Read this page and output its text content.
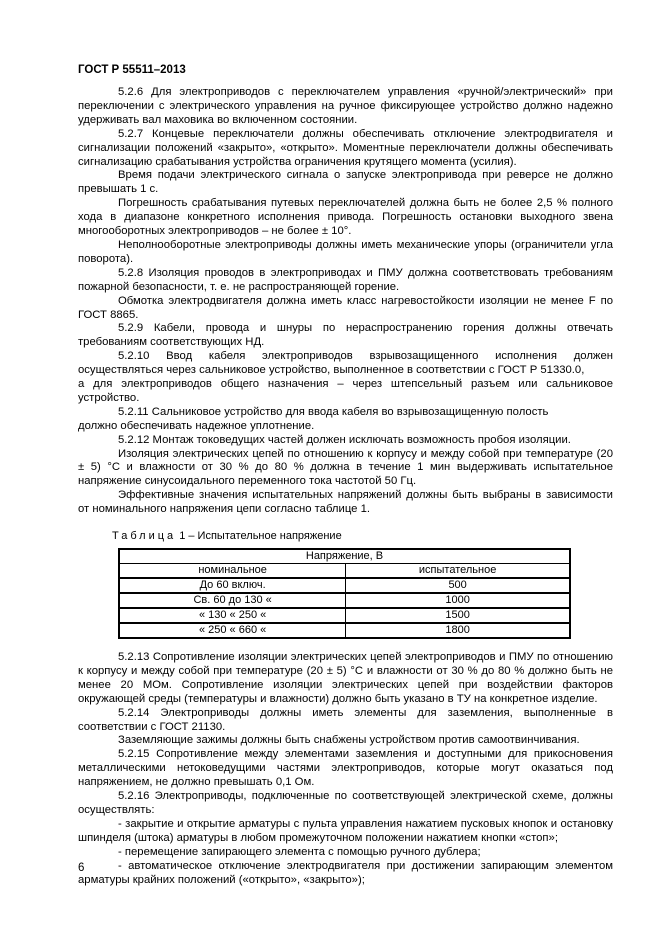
ГОСТ Р 55511–2013

5.2.6 Для электроприводов с переключателем управления «ручной/электрический» при переключении с электрического управления на ручное фиксирующее устройство должно надежно удерживать вал маховика во включенном состоянии.

5.2.7 Концевые переключатели должны обеспечивать отключение электродвигателя и сигнализации положений «закрыто», «открыто». Моментные переключатели должны обеспечивать сигнализацию срабатывания устройства ограничения крутящего момента (усилия).

Время подачи электрического сигнала о запуске электропривода при реверсе не должно превышать 1 с.

Погрешность срабатывания путевых переключателей должна быть не более 2,5 % полного хода в диапазоне конкретного исполнения привода. Погрешность остановки выходного звена многооборотных электроприводов – не более ± 10°.

Неполнооборотные электроприводы должны иметь механические упоры (ограничители угла поворота).

5.2.8 Изоляция проводов в электроприводах и ПМУ должна соответствовать требованиям пожарной безопасности, т. е. не распространяющей горение.

Обмотка электродвигателя должна иметь класс нагревостойкости изоляции не менее F по ГОСТ 8865.

5.2.9 Кабели, провода и шнуры по нераспространению горения должны отвечать требованиям соответствующих НД.

5.2.10 Ввод кабеля электроприводов взрывозащищенного исполнения должен осуществляться через сальниковое устройство, выполненное в соответствии с ГОСТ Р 51330.0,

а для электроприводов общего назначения – через штепсельный разъем или сальниковое устройство.

5.2.11 Сальниковое устройство для ввода кабеля во взрывозащищенную полость

должно обеспечивать надежное уплотнение.

5.2.12 Монтаж токоведущих частей должен исключать возможность пробоя изоляции.

Изоляция электрических цепей по отношению к корпусу и между собой при температуре (20 ± 5) °С и влажности от 30 % до 80 % должна в течение 1 мин выдерживать испытательное напряжение синусоидального переменного тока частотой 50 Гц.

Эффективные значения испытательных напряжений должны быть выбраны в зависимости от номинального напряжения цепи согласно таблице 1.

Таблица 1 – Испытательное напряжение
Напряжение, В	
номинальное	испытательное
До 60 включ.	500
Св. 60 до 130 «	1000
« 130 « 250 «	1500
« 250 « 660 «	1800

5.2.13 Сопротивление изоляции электрических цепей электроприводов и ПМУ по отношению к корпусу и между собой при температуре (20 ± 5) °С и влажности от 30 % до 80 % должно быть не менее 20 МОм. Сопротивление изоляции электрических цепей при воздействии факторов окружающей среды (температуры и влажности) должно быть указано в ТУ на конкретное изделие.

5.2.14 Электроприводы должны иметь элементы для заземления, выполненные в соответствии с ГОСТ 21130.

Заземляющие зажимы должны быть снабжены устройством против самоотвинчивания.

5.2.15 Сопротивление между элементами заземления и доступными для прикосновения металлическими нетоковедущими частями электроприводов, которые могут оказаться под напряжением, не должно превышать 0,1 Ом.

5.2.16 Электроприводы, подключенные по соответствующей электрической схеме, должны осуществлять:

- закрытие и открытие арматуры с пульта управления нажатием пусковых кнопок и остановку шпинделя (штока) арматуры в любом промежуточном положении нажатием кнопки «стоп»;

- перемещение запирающего элемента с помощью ручного дублера;

- автоматическое отключение электродвигателя при достижении запирающим элементом арматуры крайних положений («открыто», «закрыто»);

6
